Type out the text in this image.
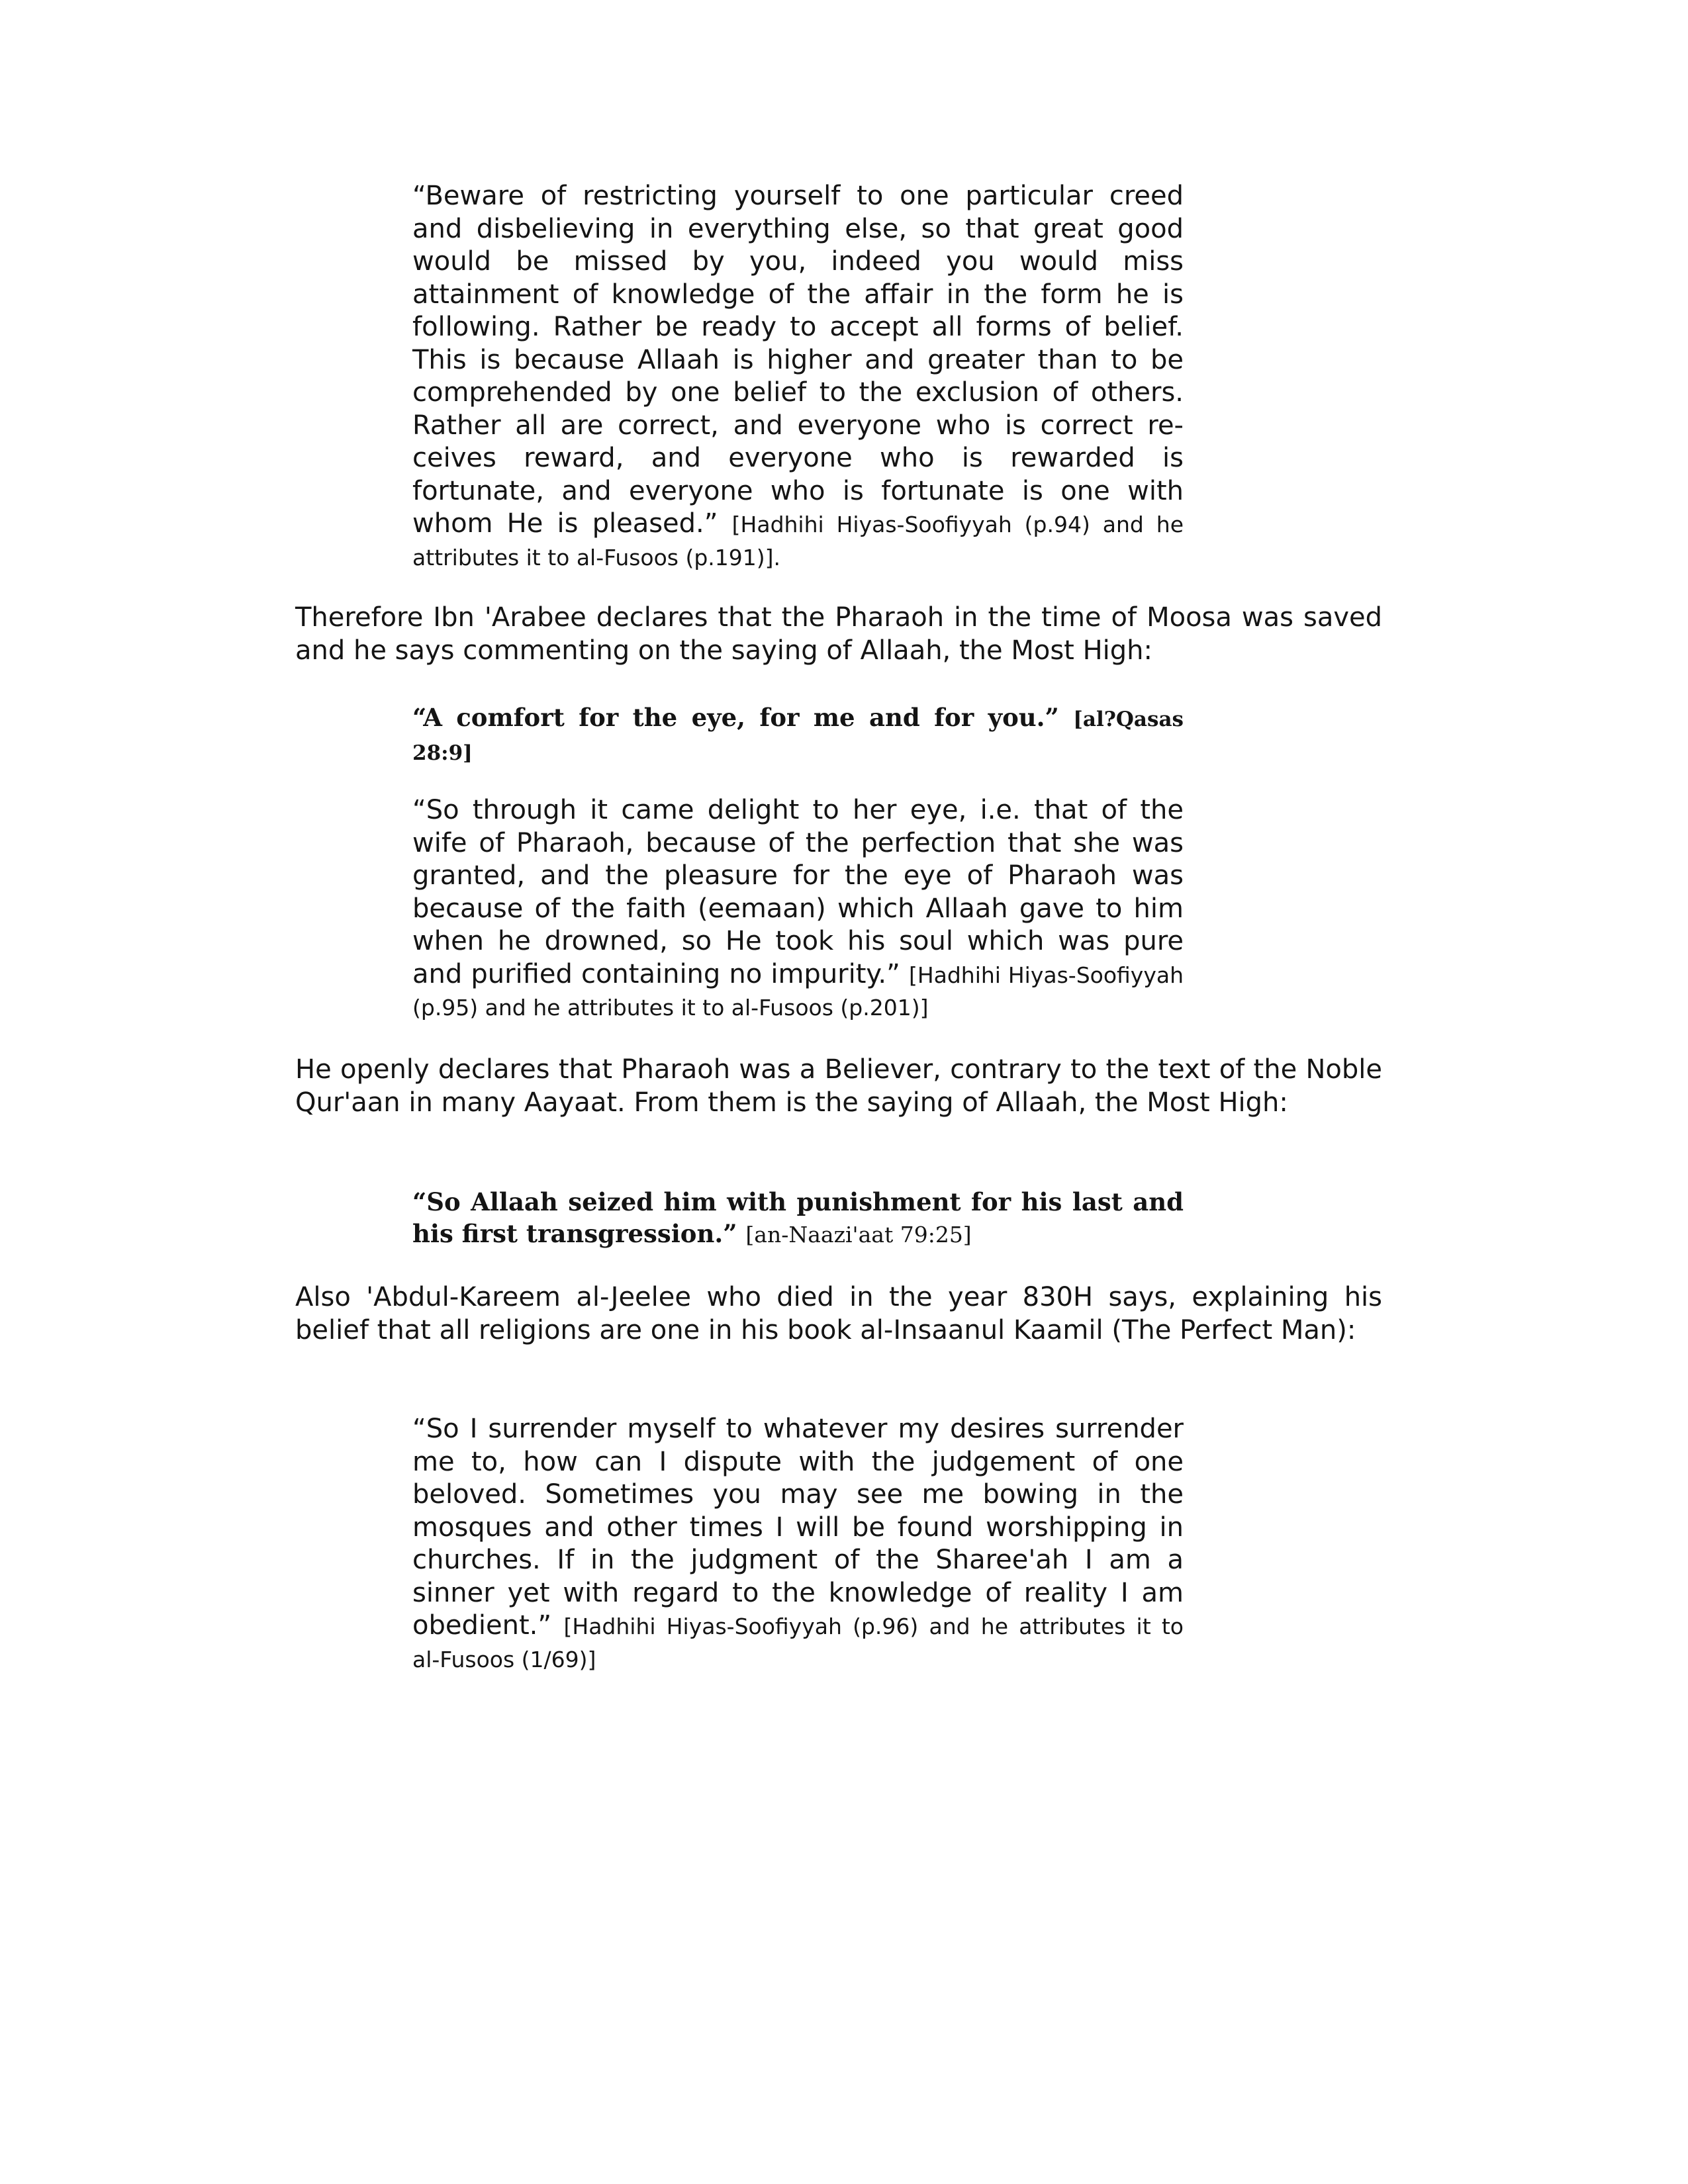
“Beware of restricting yourself to one particular creed and disbelieving in everything else, so that great good would be missed by you, indeed you would miss attainment of knowledge of the affair in the form he is following. Rather be ready to accept all forms of belief. This is because Allaah is higher and greater than to be comprehended by one belief to the exclusion of others. Rather all are correct, and everyone who is correct re-ceives reward, and everyone who is rewarded is fortunate, and everyone who is fortunate is one with whom He is pleased.” [Hadhihi Hiyas-Soofiyyah (p.94) and he attributes it to al-Fusoos (p.191)].
Therefore Ibn 'Arabee declares that the Pharaoh in the time of Moosa was saved and he says commenting on the saying of Allaah, the Most High:
“A comfort for the eye, for me and for you.” [al?Qasas 28:9]
“So through it came delight to her eye, i.e. that of the wife of Pharaoh, because of the perfection that she was granted, and the pleasure for the eye of Pharaoh was because of the faith (eemaan) which Allaah gave to him when he drowned, so He took his soul which was pure and purified containing no impurity.” [Hadhihi Hiyas-Soofiyyah (p.95) and he attributes it to al-Fusoos (p.201)]
He openly declares that Pharaoh was a Believer, contrary to the text of the Noble Qur'aan in many Aayaat. From them is the saying of Allaah, the Most High:
“So Allaah seized him with punishment for his last and his first transgression.” [an-Naazi'aat 79:25]
Also 'Abdul-Kareem al-Jeelee who died in the year 830H says, explaining his belief that all religions are one in his book al-Insaanul Kaamil (The Perfect Man):
“So I surrender myself to whatever my desires surrender me to, how can I dispute with the judgement of one beloved. Sometimes you may see me bowing in the mosques and other times I will be found worshipping in churches. If in the judgment of the Sharee'ah I am a sinner yet with regard to the knowledge of reality I am obedient.” [Hadhihi Hiyas-Soofiyyah (p.96) and he attributes it to al-Fusoos (1/69)]
